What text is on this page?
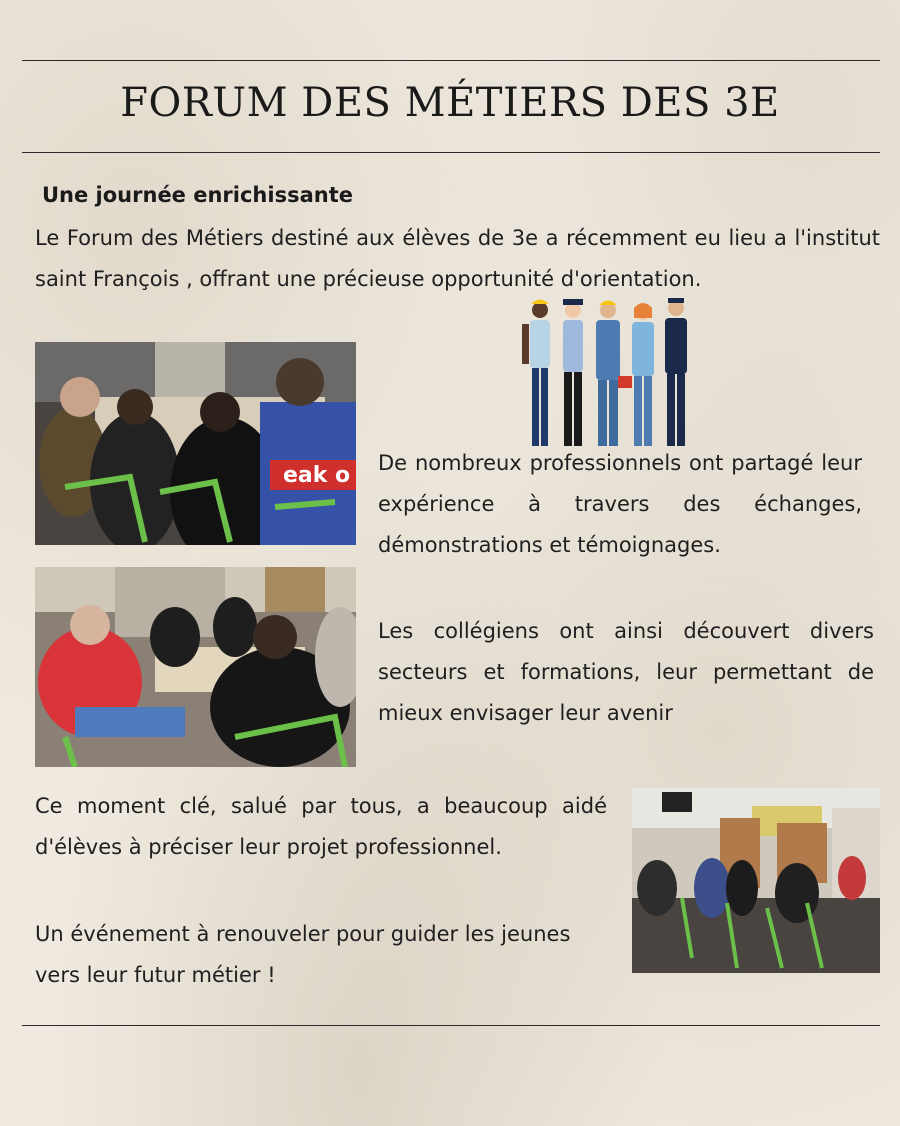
FORUM DES MÉTIERS DES 3E
Une journée enrichissante
Le Forum des Métiers destiné aux élèves de 3e a récemment eu lieu a l'institut saint François , offrant une précieuse opportunité d'orientation.
eak o De nombreux professionnels ont partagé leur expérience à travers des échanges, démonstrations et témoignages.
Les collégiens ont ainsi découvert divers secteurs et formations, leur permettant de mieux envisager leur avenir
Ce moment clé, salué par tous, a beaucoup aidé d'élèves à préciser leur projet professionnel.
Un événement à renouveler pour guider les jeunes vers leur futur métier !
